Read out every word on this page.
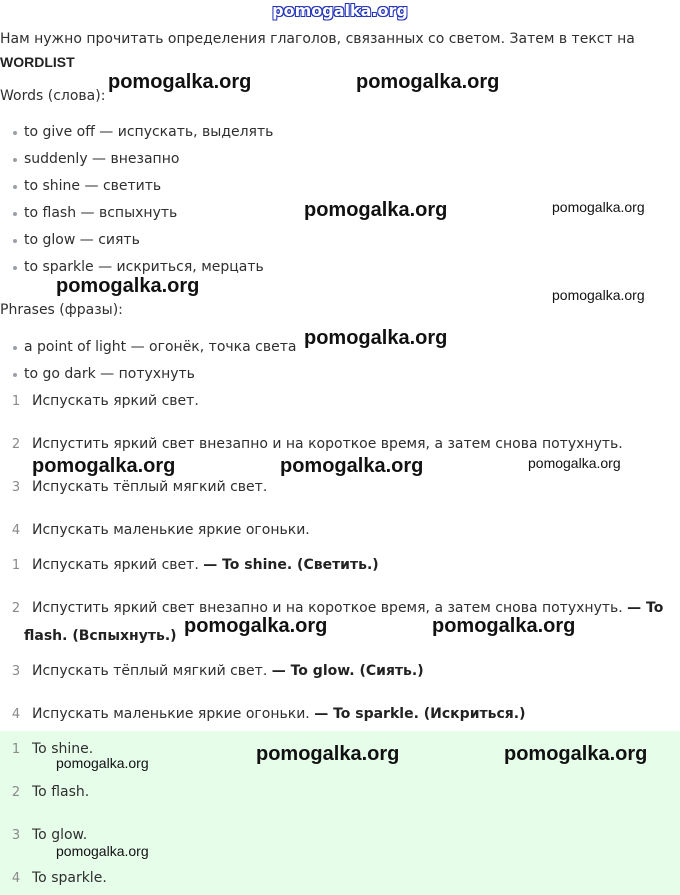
pomogalka.org
Нам нужно прочитать определения глаголов, связанных со светом. Затем в текст на
WORDLIST
Words (слова):
to give off — испускать, выделять
suddenly — внезапно
to shine — светить
to flash — вспыхнуть
to glow — сиять
to sparkle — искриться, мерцать
Phrases (фразы):
a point of light — огонёк, точка света
to go dark — потухнуть
1 Испускать яркий свет.
2 Испустить яркий свет внезапно и на короткое время, а затем снова потухнуть.
3 Испускать тёплый мягкий свет.
4 Испускать маленькие яркие огоньки.
1 Испускать яркий свет. — To shine. (Светить.)
2 Испустить яркий свет внезапно и на короткое время, а затем снова потухнуть. — To
flash. (Вспыхнуть.)
3 Испускать тёплый мягкий свет. — To glow. (Сиять.)
4 Испускать маленькие яркие огоньки. — To sparkle. (Искриться.)
1 To shine.
2 To flash.
3 To glow.
4 To sparkle.
pomogalka.org	pomogalka.org
pomogalka.org	pomogalka.org
pomogalka.org	pomogalka.org
pomogalka.org
pomogalka.org	pomogalka.org	pomogalka.org
pomogalka.org	pomogalka.org
pomogalka.org	pomogalka.org
pomogalka.org
pomogalka.org
